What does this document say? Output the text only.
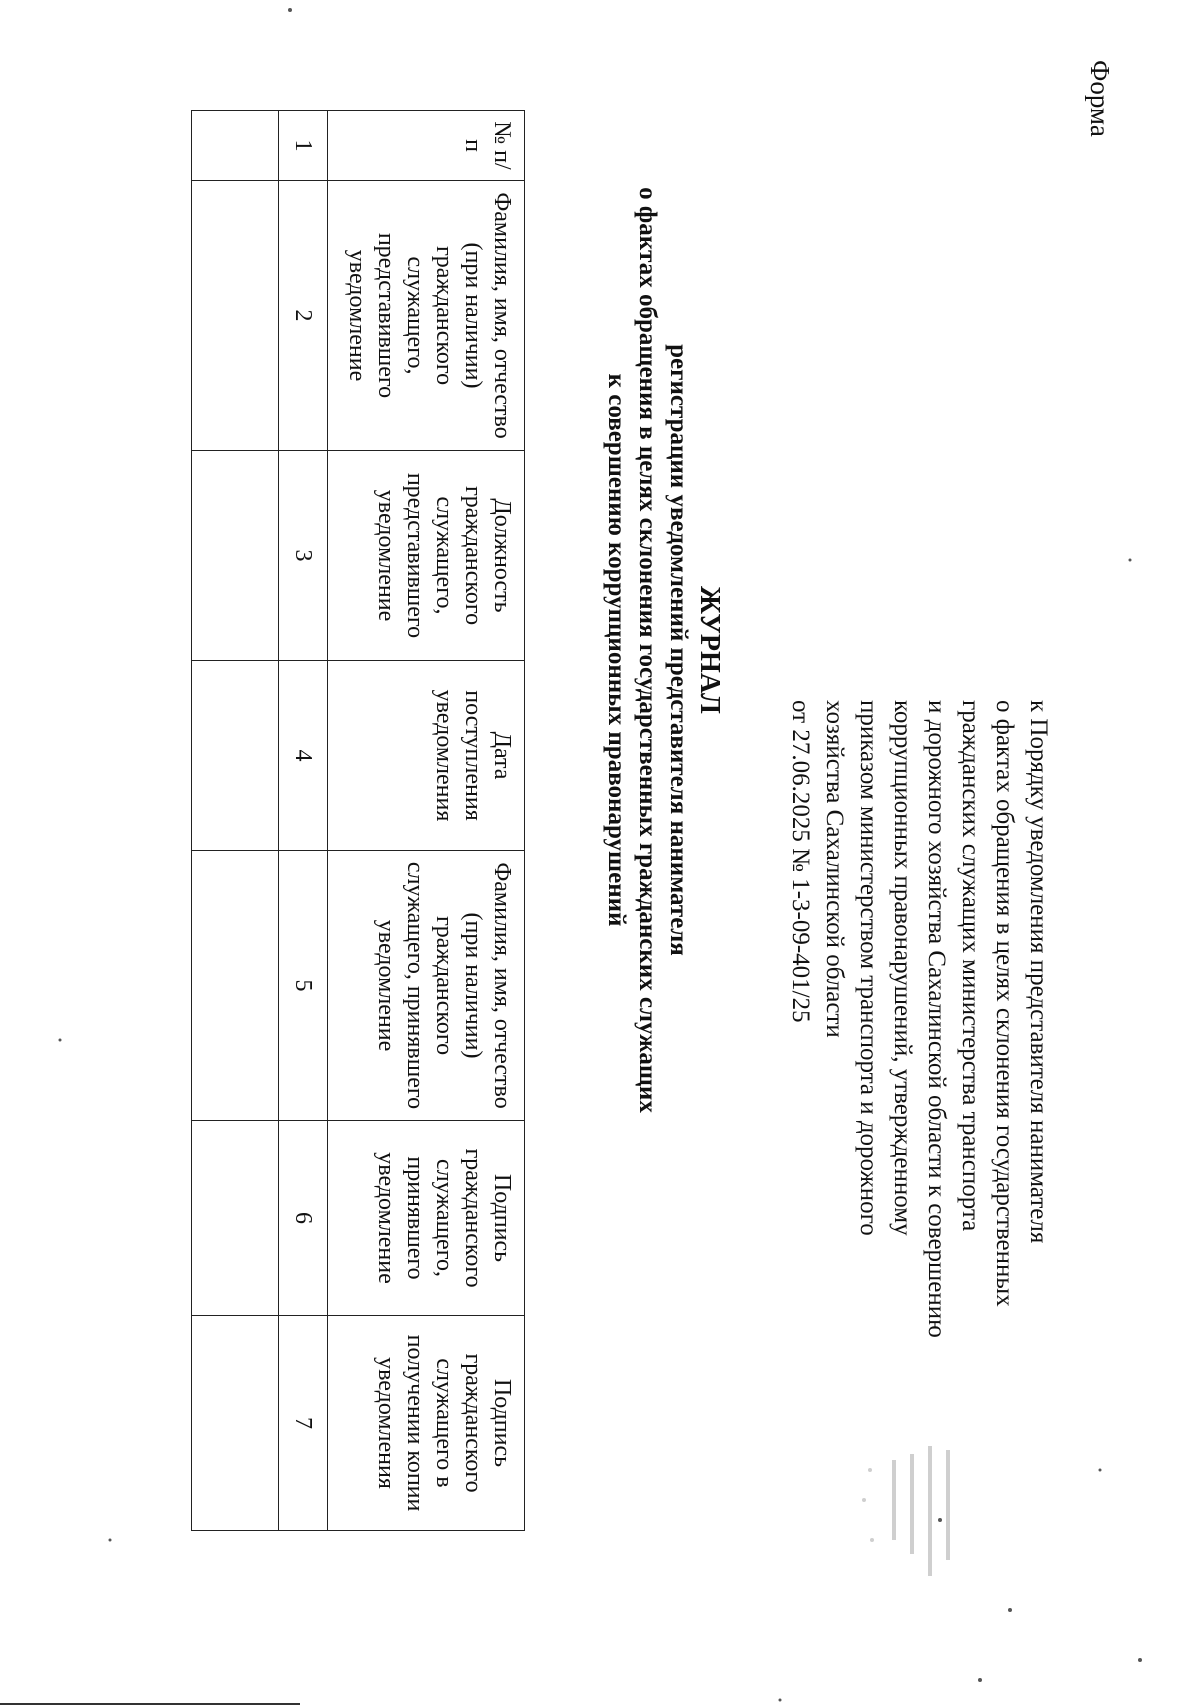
Форма
к Порядку уведомления представителя нанимателя
о фактах обращения в целях склонения государственных
гражданских служащих министерства транспорта
и дорожного хозяйства Сахалинской области к совершению
коррупционных правонарушений, утвержденному
приказом министерством транспорта и дорожного
хозяйства Сахалинской области
от 27.06.2025 № 1-3-09-401/25
ЖУРНАЛ
регистрации уведомлений представителя нанимателя
о фактах обращения в целях склонения государственных гражданских служащих
к совершению коррупционных правонарушений
№ п/п	Фамилия, имя, отчество (при наличии) гражданского служащего, представившего уведомление	Должность гражданского служащего, представившего уведомление	Дата поступления уведомления	Фамилия, имя, отчество (при наличии) гражданского служащего, принявшего уведомление	Подпись гражданского служащего, принявшего уведомление	Подпись гражданского служащего в получении копии уведомления
1	2	3	4	5	6	7
